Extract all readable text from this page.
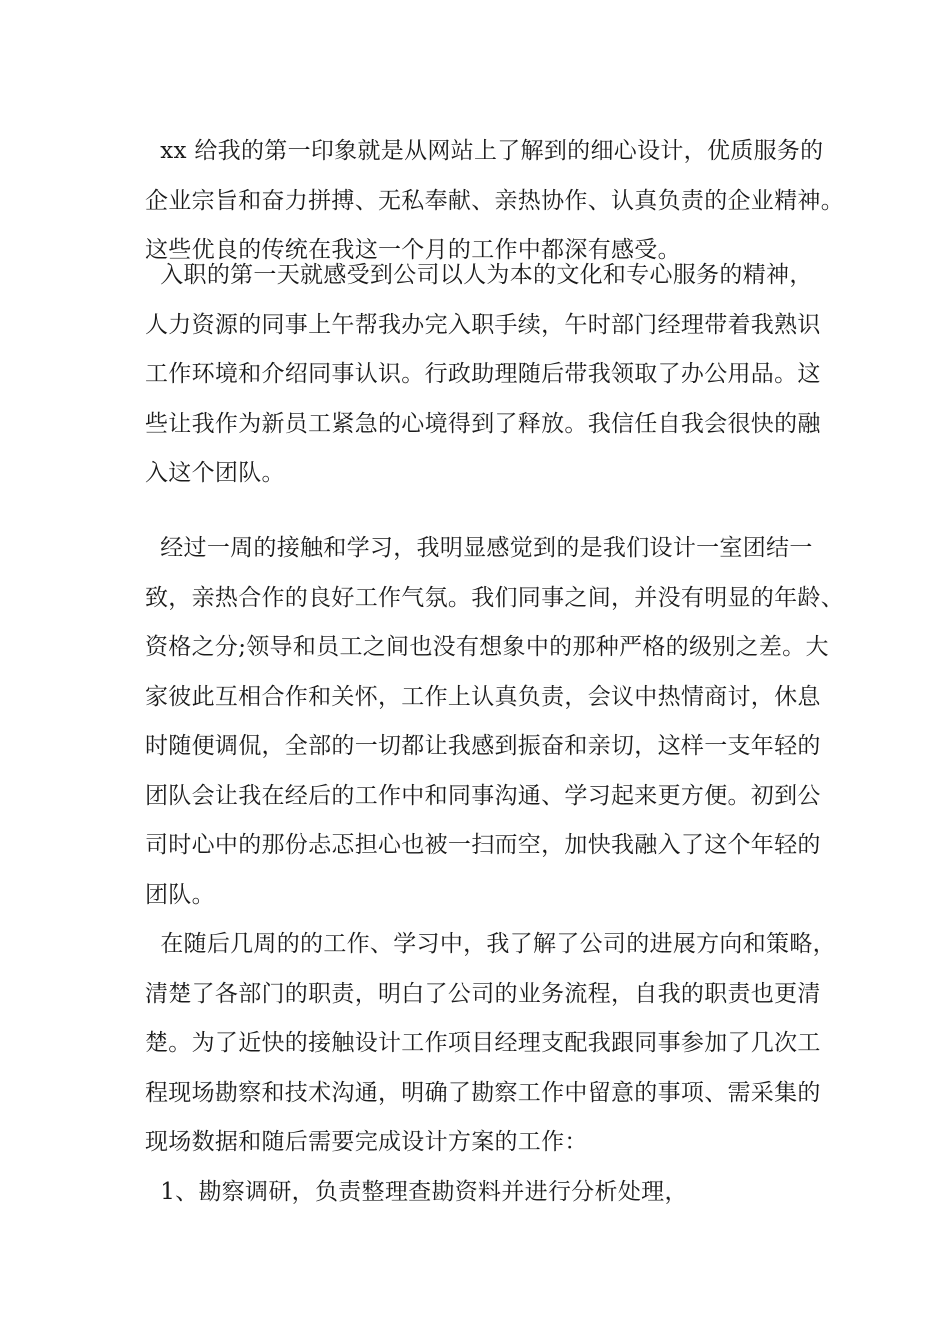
xx 给我的第一印象就是从网站上了解到的细心设计，优质服务的
企业宗旨和奋力拼搏、无私奉献、亲热协作、认真负责的企业精神。
这些优良的传统在我这一个月的工作中都深有感受。
入职的第一天就感受到公司以人为本的文化和专心服务的精神，
人力资源的同事上午帮我办完入职手续，午时部门经理带着我熟识
工作环境和介绍同事认识。行政助理随后带我领取了办公用品。这
些让我作为新员工紧急的心境得到了释放。我信任自我会很快的融
入这个团队。
经过一周的接触和学习，我明显感觉到的是我们设计一室团结一
致，亲热合作的良好工作气氛。我们同事之间，并没有明显的年龄、
资格之分;领导和员工之间也没有想象中的那种严格的级别之差。大
家彼此互相合作和关怀，工作上认真负责，会议中热情商讨，休息
时随便调侃，全部的一切都让我感到振奋和亲切，这样一支年轻的
团队会让我在经后的工作中和同事沟通、学习起来更方便。初到公
司时心中的那份忐忑担心也被一扫而空，加快我融入了这个年轻的
团队。
在随后几周的的工作、学习中，我了解了公司的进展方向和策略，
清楚了各部门的职责，明白了公司的业务流程，自我的职责也更清
楚。为了近快的接触设计工作项目经理支配我跟同事参加了几次工
程现场勘察和技术沟通，明确了勘察工作中留意的事项、需采集的
现场数据和随后需要完成设计方案的工作：
1、勘察调研，负责整理查勘资料并进行分析处理，
